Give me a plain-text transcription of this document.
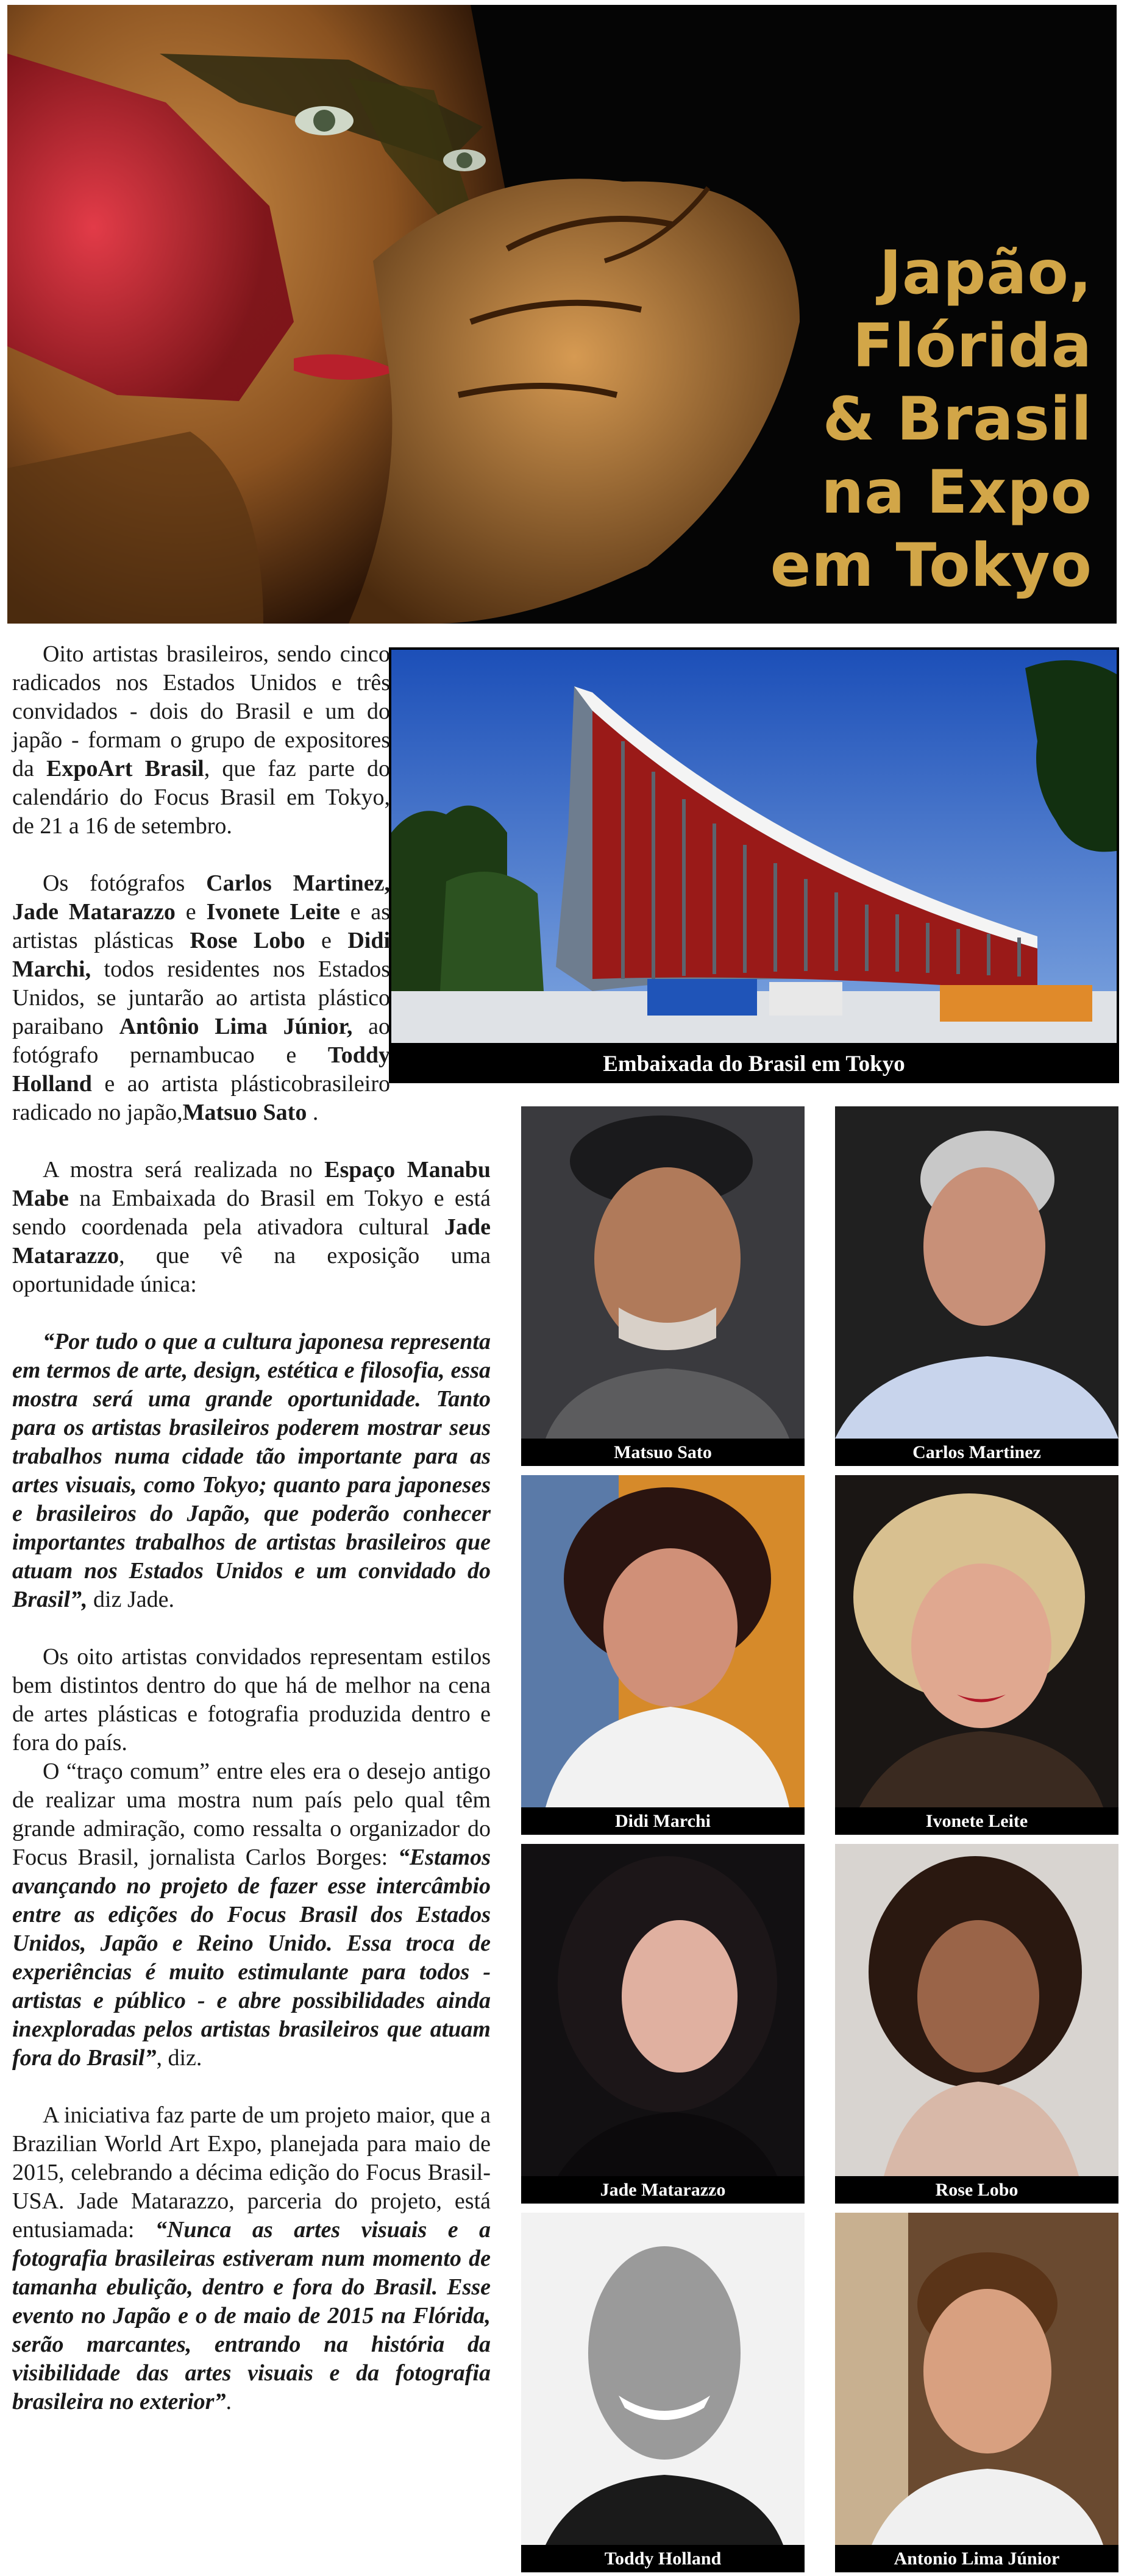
Japão,
Flórida
& Brasil
na Expo
em Tokyo
Embaixada do Brasil em Tokyo

Oito artistas brasileiros, sendo cinco radicados nos Estados Unidos e três convidados - dois do Brasil e um do japão - formam o grupo de expositores da ExpoArt Brasil, que faz parte do calendário do Focus Brasil em Tokyo, de 21 a 16 de setembro.

Os fotógrafos Carlos Martinez, Jade Matarazzo e Ivonete Leite e as artistas plásticas Rose Lobo e Didi Marchi, todos residentes nos Estados Unidos, se juntarão ao artista plástico paraibano Antônio Lima Júnior, ao fotógrafo pernambucao e Toddy Holland e ao artista plásticobrasileiro radicado no japão,Matsuo Sato .

A mostra será realizada no Espaço Manabu Mabe na Embaixada do Brasil em Tokyo e está sendo coordenada pela ativadora cultural Jade Matarazzo, que vê na exposição uma oportunidade única:

“Por tudo o que a cultura japonesa representa em termos de arte, design, estética e filosofia, essa mostra será uma grande oportunidade. Tanto para os artistas brasileiros poderem mostrar seus trabalhos numa cidade tão importante para as artes visuais, como Tokyo; quanto para japoneses e brasileiros do Japão, que poderão conhecer importantes trabalhos de artistas brasileiros que atuam nos Estados Unidos e um convidado do Brasil”, diz Jade.

Os oito artistas convidados representam estilos bem distintos dentro do que há de melhor na cena de artes plásticas e fotografia produzida dentro e fora do país.

O “traço comum” entre eles era o desejo antigo de realizar uma mostra num país pelo qual têm grande admiração, como ressalta o organizador do Focus Brasil, jornalista Carlos Borges: “Estamos avançando no projeto de fazer esse intercâmbio entre as edições do Focus Brasil dos Estados Unidos, Japão e Reino Unido. Essa troca de experiências é muito estimulante para todos - artistas e público - e abre possibilidades ainda inexploradas pelos artistas brasileiros que atuam fora do Brasil”, diz.

A iniciativa faz parte de um projeto maior, que a Brazilian World Art Expo, planejada para maio de 2015, celebrando a décima edição do Focus Brasil-USA. Jade Matarazzo, parceria do projeto, está entusiamada: “Nunca as artes visuais e a fotografia brasileiras estiveram num momento de tamanha ebulição, dentro e fora do Brasil. Esse evento no Japão e o de maio de 2015 na Flórida, serão marcantes, entrando na história da visibilidade das artes visuais e da fotografia brasileira no exterior”.

Matsuo Sato	Carlos Martinez
Didi Marchi	Ivonete Leite
Jade Matarazzo	Rose Lobo
Toddy Holland	Antonio Lima Júnior
